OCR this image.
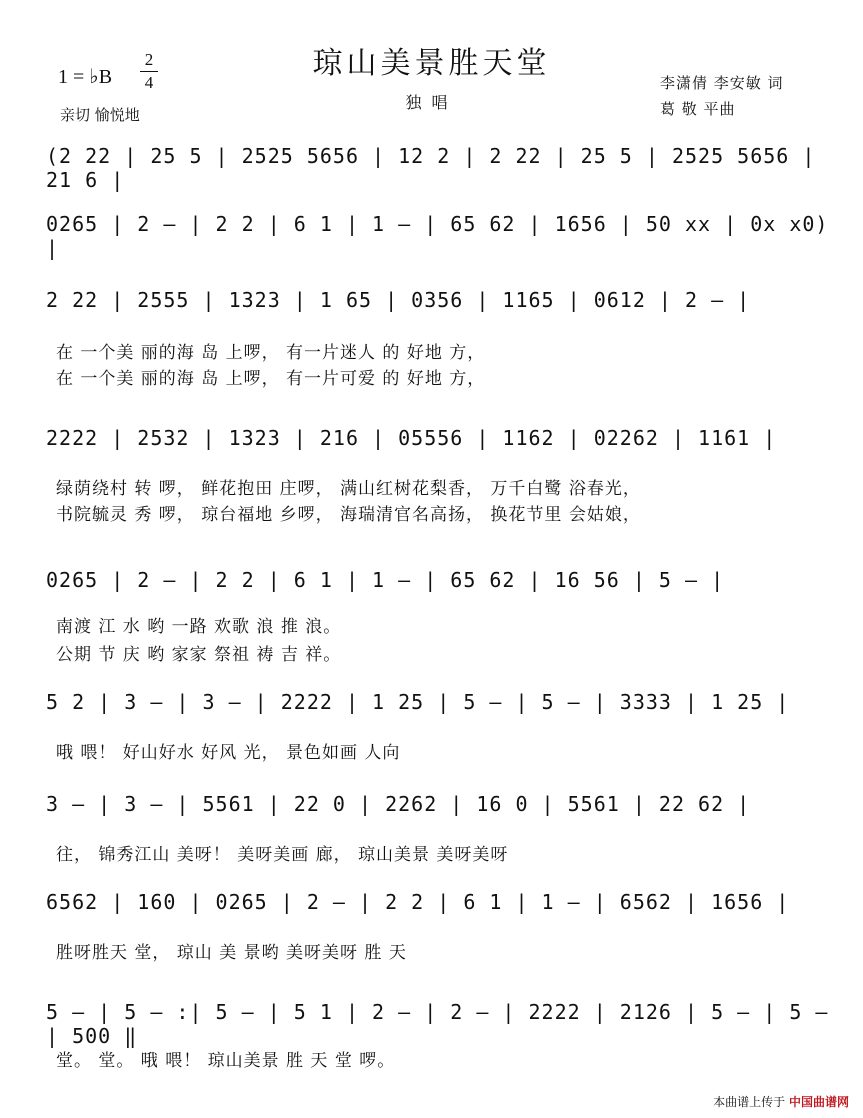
琼山美景胜天堂
独唱
1 = ♭B
2
4
亲切 愉悦地
李潇倩 李安敏 词
葛 敬 平曲
(2 22 | 25 5 | 2525 5656 | 12 2 | 2 22 | 25 5 | 2525 5656 | 21 6 |
0265 | 2 — | 2 2 | 6 1 | 1 — | 65 62 | 1656 | 50 xx | 0x x0) |
2 22 | 2555 | 1323 | 1 65 | 0356 | 1165 | 0612 | 2 — |
在 一个美 丽的海 岛 上啰， 有一片迷人 的 好地 方，
在 一个美 丽的海 岛 上啰， 有一片可爱 的 好地 方，
2222 | 2532 | 1323 | 216 | 05556 | 1162 | 02262 | 1161 |
绿荫绕村 转 啰， 鲜花抱田 庄啰， 满山红树花梨香， 万千白鹭 浴春光，
书院毓灵 秀 啰， 琼台福地 乡啰， 海瑞清官名高扬， 换花节里 会姑娘，
0265 | 2 — | 2 2 | 6 1 | 1 — | 65 62 | 16 56 | 5 — |
南渡 江 水 哟 一路 欢歌 浪 推 浪。
公期 节 庆 哟 家家 祭祖 祷 吉 祥。
5 2 | 3 — | 3 — | 2222 | 1 25 | 5 — | 5 — | 3333 | 1 25 |
哦 喂！ 好山好水 好风 光， 景色如画 人向
3 — | 3 — | 5561 | 22 0 | 2262 | 16 0 | 5561 | 22 62 |
往， 锦秀江山 美呀！ 美呀美画 廊， 琼山美景 美呀美呀
6562 | 160 | 0265 | 2 — | 2 2 | 6 1 | 1 — | 6562 | 1656 |
胜呀胜天 堂， 琼山 美 景哟 美呀美呀 胜 天
5 — | 5 — :| 5 — | 5 1 | 2 — | 2 — | 2222 | 2126 | 5 — | 5 — | 500 ‖
堂。 堂。 哦 喂！ 琼山美景 胜 天 堂 啰。
本曲谱上传于 中国曲谱网
